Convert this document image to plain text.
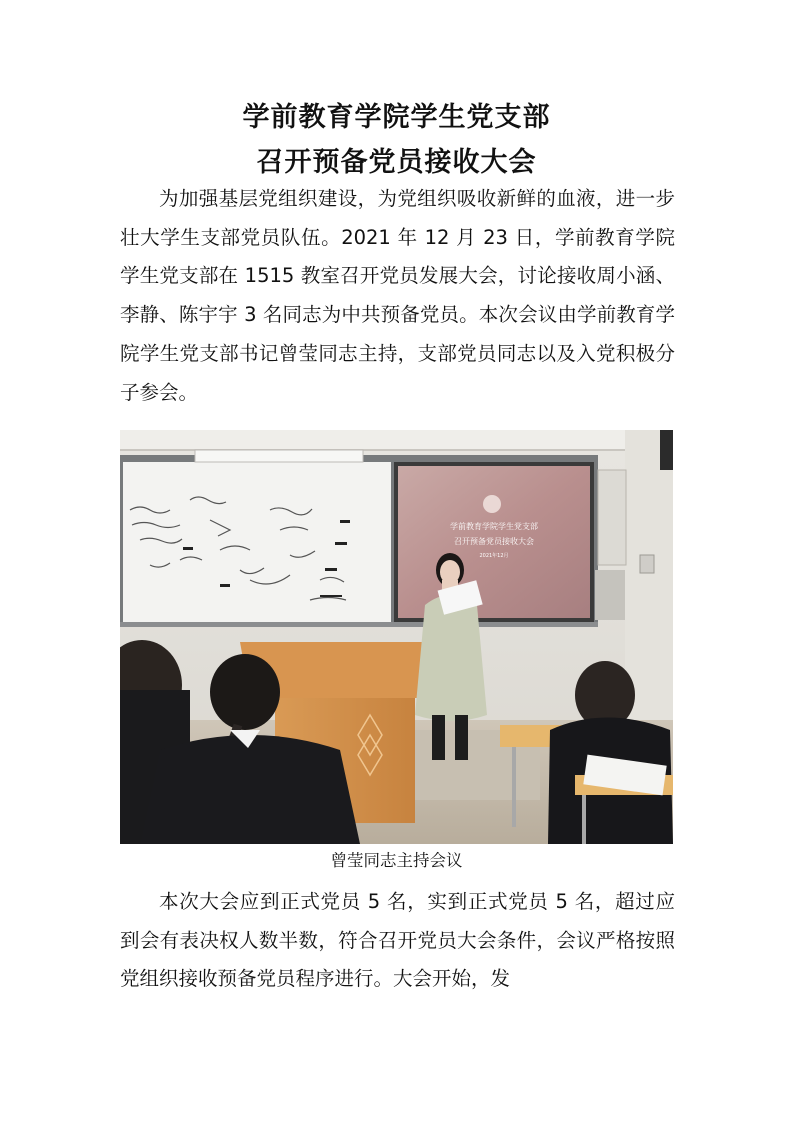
学前教育学院学生党支部
召开预备党员接收大会

为加强基层党组织建设，为党组织吸收新鲜的血液，进一步壮大学生支部党员队伍。2021 年 12 月 23 日，学前教育学院学生党支部在 1515 教室召开党员发展大会，讨论接收周小涵、李静、陈宇宇 3 名同志为中共预备党员。本次会议由学前教育学院学生党支部书记曾莹同志主持，支部党员同志以及入党积极分子参会。

学前教育学院学生党支部
召开预备党员接收大会
2021年12月
曾莹同志主持会议

本次大会应到正式党员 5 名，实到正式党员 5 名，超过应到会有表决权人数半数，符合召开党员大会条件，会议严格按照党组织接收预备党员程序进行。大会开始，发
